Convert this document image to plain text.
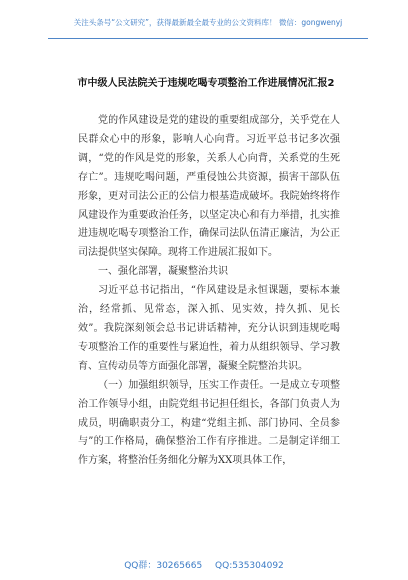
关注头条号“公文研究”，获得最新最全最专业的公文资料库！ 微信：gongwenyj
市中级人民法院关于违规吃喝专项整治工作进展情况汇报2

党的作风建设是党的建设的重要组成部分，关乎党在人民群众心中的形象，影响人心向背。习近平总书记多次强调，“党的作风是党的形象，关系人心向背，关系党的生死存亡”。违规吃喝问题，严重侵蚀公共资源，损害干部队伍形象，更对司法公正的公信力根基造成破坏。我院始终将作风建设作为重要政治任务，以坚定决心和有力举措，扎实推进违规吃喝专项整治工作，确保司法队伍清正廉洁，为公正司法提供坚实保障。现将工作进展汇报如下。

一、强化部署，凝聚整治共识

习近平总书记指出，“作风建设是永恒课题，要标本兼治，经常抓、见常态，深入抓、见实效，持久抓、见长效”。我院深刻领会总书记讲话精神，充分认识到违规吃喝专项整治工作的重要性与紧迫性，着力从组织领导、学习教育、宣传动员等方面强化部署，凝聚全院整治共识。

（一）加强组织领导，压实工作责任。一是成立专项整治工作领导小组，由院党组书记担任组长，各部门负责人为成员，明确职责分工，构建“党组主抓、部门协同、全员参与”的工作格局，确保整治工作有序推进。二是制定详细工作方案，将整治任务细化分解为XX项具体工作，

QQ群：30265665 QQ:535304092
